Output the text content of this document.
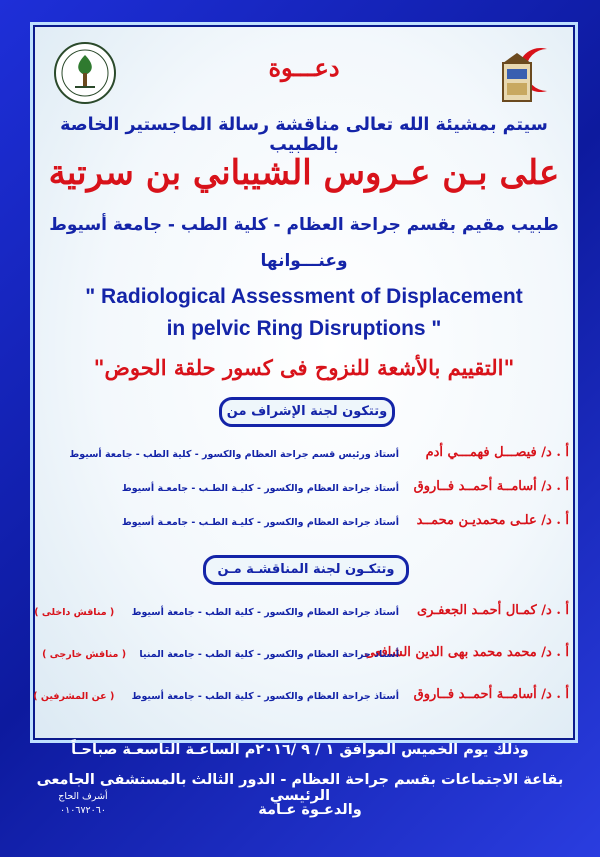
دعـــوة
سيتم بمشيئة الله تعالى مناقشة رسالة الماجستير الخاصة بالطبيب
على بـن عـروس الشيباني بن سرتية
طبيب مقيم بقسم جراحة العظام - كلية الطب - جامعة أسيوط
وعنـــوانها
" Radiological Assessment of Displacement
in pelvic Ring Disruptions "
"التقييم بالأشعة للنزوح فى كسور حلقة الحوض"
وتتكون لجنة الإشراف من
أ . د/ فيصـــل فهمـــي أدم
أستاذ ورئيس قسم جراحة العظام والكسور - كلية الطب - جامعة أسيوط
أ . د/ أسامــة أحمــد فــاروق
أستاذ جراحة العظام والكسور - كليـة الطـب - جامعـة أسيوط
أ . د/ علـى محمديـن محمــد
أستاذ جراحة العظام والكسور - كليـة الطـب - جامعـة أسيوط
وتتكـون لجنة المناقشـة مـن
أ . د/ كمـال أحمـد الجعفـرى
أستاذ جراحة العظام والكسور - كلية الطب - جامعة أسيوط ( مناقش داخلى )
أ . د/ محمد محمد بهى الدين الشافعى
أستاذ جراحة العظام والكسور - كلية الطب - جامعة المنيا ( مناقش خارجى )
أ . د/ أسامــة أحمــد فــاروق
أستاذ جراحة العظام والكسور - كلية الطب - جامعة أسيوط ( عن المشرفين )
وذلك يوم الخميس الموافق ١ / ٩ /٢٠١٦م الساعـة التاسعـة صباحـاً
بقاعة الاجتماعات بقسم جراحة العظام - الدور الثالث بالمستشفى الجامعى الرئيسي
والدعـوة عـامة
أشرف الحاج
٠١٠٦٧٢٠٦٠
